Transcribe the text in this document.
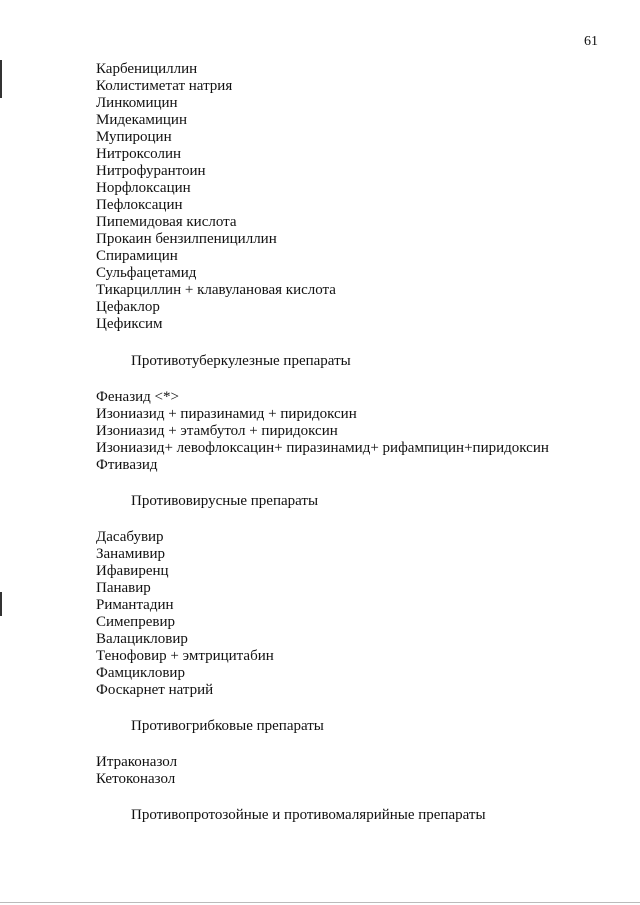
61
Карбенициллин
Колистиметат натрия
Линкомицин
Мидекамицин
Мупироцин
Нитроксолин
Нитрофурантоин
Норфлоксацин
Пефлоксацин
Пипемидовая кислота
Прокаин бензилпенициллин
Спирамицин
Сульфацетамид
Тикарциллин + клавулановая кислота
Цефаклор
Цефиксим
Противотуберкулезные препараты
Феназид <*>
Изониазид + пиразинамид + пиридоксин
Изониазид + этамбутол + пиридоксин
Изониазид+ левофлоксацин+ пиразинамид+ рифампицин+пиридоксин
Фтивазид
Противовирусные препараты
Дасабувир
Занамивир
Ифавиренц
Панавир
Римантадин
Симепревир
Валацикловир
Тенофовир + эмтрицитабин
Фамцикловир
Фоскарнет натрий
Противогрибковые препараты
Итраконазол
Кетоконазол
Противопротозойные и противомалярийные препараты
